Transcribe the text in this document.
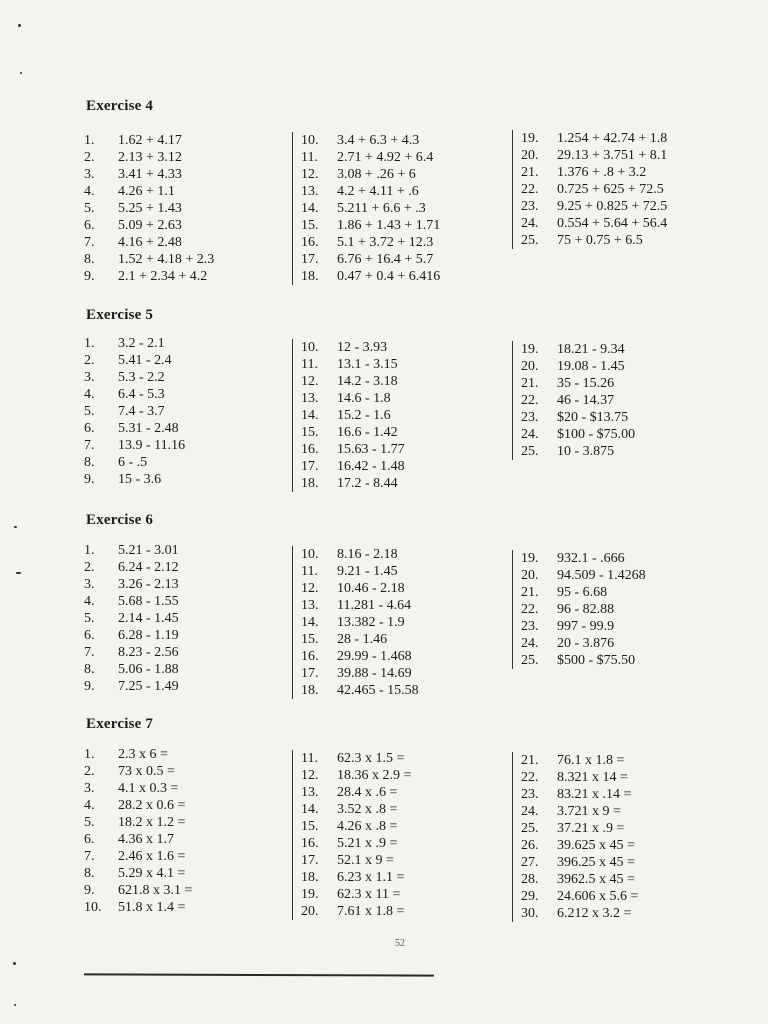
Exercise 4
1.	1.62 + 4.17
2.	2.13 + 3.12
3.	3.41 + 4.33
4.	4.26 + 1.1
5.	5.25 + 1.43
6.	5.09 + 2.63
7.	4.16 + 2.48
8.	1.52 + 4.18 + 2.3
9.	2.1 + 2.34 + 4.2
10.	3.4 + 6.3 + 4.3
11.	2.71 + 4.92 + 6.4
12.	3.08 + .26 + 6
13.	4.2 + 4.11 + .6
14.	5.211 + 6.6 + .3
15.	1.86 + 1.43 + 1.71
16.	5.1 + 3.72 + 12.3
17.	6.76 + 16.4 + 5.7
18.	0.47 + 0.4 + 6.416
19.	1.254 + 42.74 + 1.8
20.	29.13 + 3.751 + 8.1
21.	1.376 + .8 + 3.2
22.	0.725 + 625 + 72.5
23.	9.25 + 0.825 + 72.5
24.	0.554 + 5.64 + 56.4
25.	75 + 0.75 + 6.5
Exercise 5
1.	3.2 - 2.1
2.	5.41 - 2.4
3.	5.3 - 2.2
4.	6.4 - 5.3
5.	7.4 - 3.7
6.	5.31 - 2.48
7.	13.9 - 11.16
8.	6 - .5
9.	15 - 3.6
10.	12 - 3.93
11.	13.1 - 3.15
12.	14.2 - 3.18
13.	14.6 - 1.8
14.	15.2 - 1.6
15.	16.6 - 1.42
16.	15.63 - 1.77
17.	16.42 - 1.48
18.	17.2 - 8.44
19.	18.21 - 9.34
20.	19.08 - 1.45
21.	35 - 15.26
22.	46 - 14.37
23.	$20 - $13.75
24.	$100 - $75.00
25.	10 - 3.875
Exercise 6
1.	5.21 - 3.01
2.	6.24 - 2.12
3.	3.26 - 2.13
4.	5.68 - 1.55
5.	2.14 - 1.45
6.	6.28 - 1.19
7.	8.23 - 2.56
8.	5.06 - 1.88
9.	7.25 - 1.49
10.	8.16 - 2.18
11.	9.21 - 1.45
12.	10.46 - 2.18
13.	11.281 - 4.64
14.	13.382 - 1.9
15.	28 - 1.46
16.	29.99 - 1.468
17.	39.88 - 14.69
18.	42.465 - 15.58
19.	932.1 - .666
20.	94.509 - 1.4268
21.	95 - 6.68
22.	96 - 82.88
23.	997 - 99.9
24.	20 - 3.876
25.	$500 - $75.50
Exercise 7
1.	2.3 x 6 =
2.	73 x 0.5 =
3.	4.1 x 0.3 =
4.	28.2 x 0.6 =
5.	18.2 x 1.2 =
6.	4.36 x 1.7
7.	2.46 x 1.6 =
8.	5.29 x 4.1 =
9.	621.8 x 3.1 =
10.	51.8 x 1.4 =
11.	62.3 x 1.5 =
12.	18.36 x 2.9 =
13.	28.4 x .6 =
14.	3.52 x .8 =
15.	4.26 x .8 =
16.	5.21 x .9 =
17.	52.1 x 9 =
18.	6.23 x 1.1 =
19.	62.3 x 11 =
20.	7.61 x 1.8 =
21.	76.1 x 1.8 =
22.	8.321 x 14 =
23.	83.21 x .14 =
24.	3.721 x 9 =
25.	37.21 x .9 =
26.	39.625 x 45 =
27.	396.25 x 45 =
28.	3962.5 x 45 =
29.	24.606 x 5.6 =
30.	6.212 x 3.2 =
52
